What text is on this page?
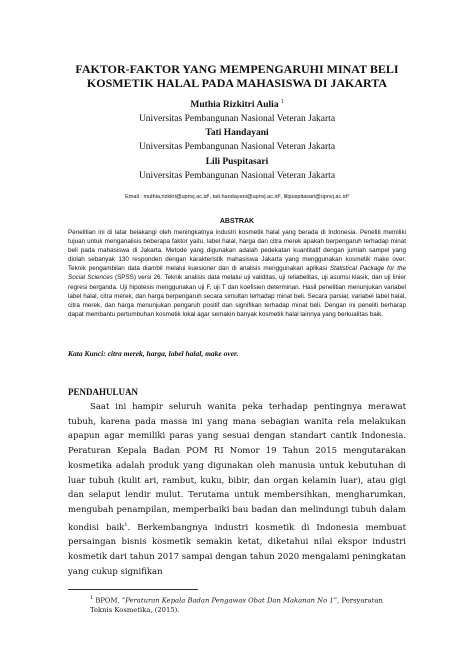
FAKTOR-FAKTOR YANG MEMPENGARUHI MINAT BELI
KOSMETIK HALAL PADA MAHASISWA DI JAKARTA
Muthia Rizkitri Aulia $^1$
Universitas Pembangunan Nasional Veteran Jakarta
Tati Handayani
Universitas Pembangunan Nasional Veteran Jakarta
Lili Puspitasari
Universitas Pembangunan Nasional Veteran Jakarta
Email : muthia.rizkitri@upnvj.ac.id¹, tati.handayani@upnvj.ac.id², lilipuspitasari@upnvj.ac.id³
ABSTRAK

Penelitian ini di latar belakangi oleh meningkatnya industri kosmetik halal yang berada di Indonesia. Peneliti memiliki tujuan untuk menganalisis beberapa faktor yaitu, label halal, harga dan citra merek apakah berpengaruh terhadap minat beli pada mahasiswa di Jakarta. Metode yang digunakan adalah pedekatan kuantitatif dengan jumlah sampel yang diolah sebanyak 130 responden dengan karakteristik mahasiswa Jakarta yang menggunakan kosmetik make over. Teknik pengambilan data diambil melalui kuesioner dan di analisis menggunakan aplikasi Statistical Package for the Social Sciences (SPSS) versi 26. Teknik analisis data melalui uji validitas, uji reliabelitas, uji asumsi klasik, dan uji linier regresi berganda. Uji hipotesis menggunakan uji F, uji T dan koefisien determinan. Hasil penelitian menunjukan variabel label halal, citra merek, dan harga berpengaruh secara simultan terhadap minat beli. Secara parsial, variabel label halal, citra merek, dan harga menunjukan pengaruh positif dan signifikan terhadap minat beli. Dengan ini peneliti berharap dapat membantu pertumbuhan kosmetik lokal agar semakin banyak kosmetik halal lainnya yang berkualitas baik.

Kata Kunci: citra merek, harga, label halal, make over.
PENDAHULUAN

Saat ini hampir seluruh wanita peka terhadap pentingnya merawat tubuh, karena pada massa ini yang mana sebagian wanita rela melakukan apapun agar memiliki paras yang sesuai dengan standart cantik Indonesia. Peraturan Kepala Badan POM RI Nomor 19 Tahun 2015 mengutarakan kosmetika adalah produk yang digunakan oleh manusia untuk kebutuhan di luar tubuh (kulit ari, rambut, kuku, bibir, dan organ kelamin luar), atau gigi dan selaput lendir mulut. Terutama untuk membersihkan, mengharumkan, mengubah penampilan, memperbaiki bau badan dan melindungi tubuh dalam kondisi baik$^1$. Berkembangnya industri kosmetik di Indonesia membuat persaingan bisnis kosmetik semakin ketat, diketahui nilai ekspor industri kosmetik dari tahun 2017 sampai dengan tahun 2020 mengalami peningkatan yang cukup signifikan

$^1$ BPOM, “Peraturan Kepala Badan Pengawas Obat Dan Makanan No 1”, Persyaratan Teknis Kosmetika, (2015).
